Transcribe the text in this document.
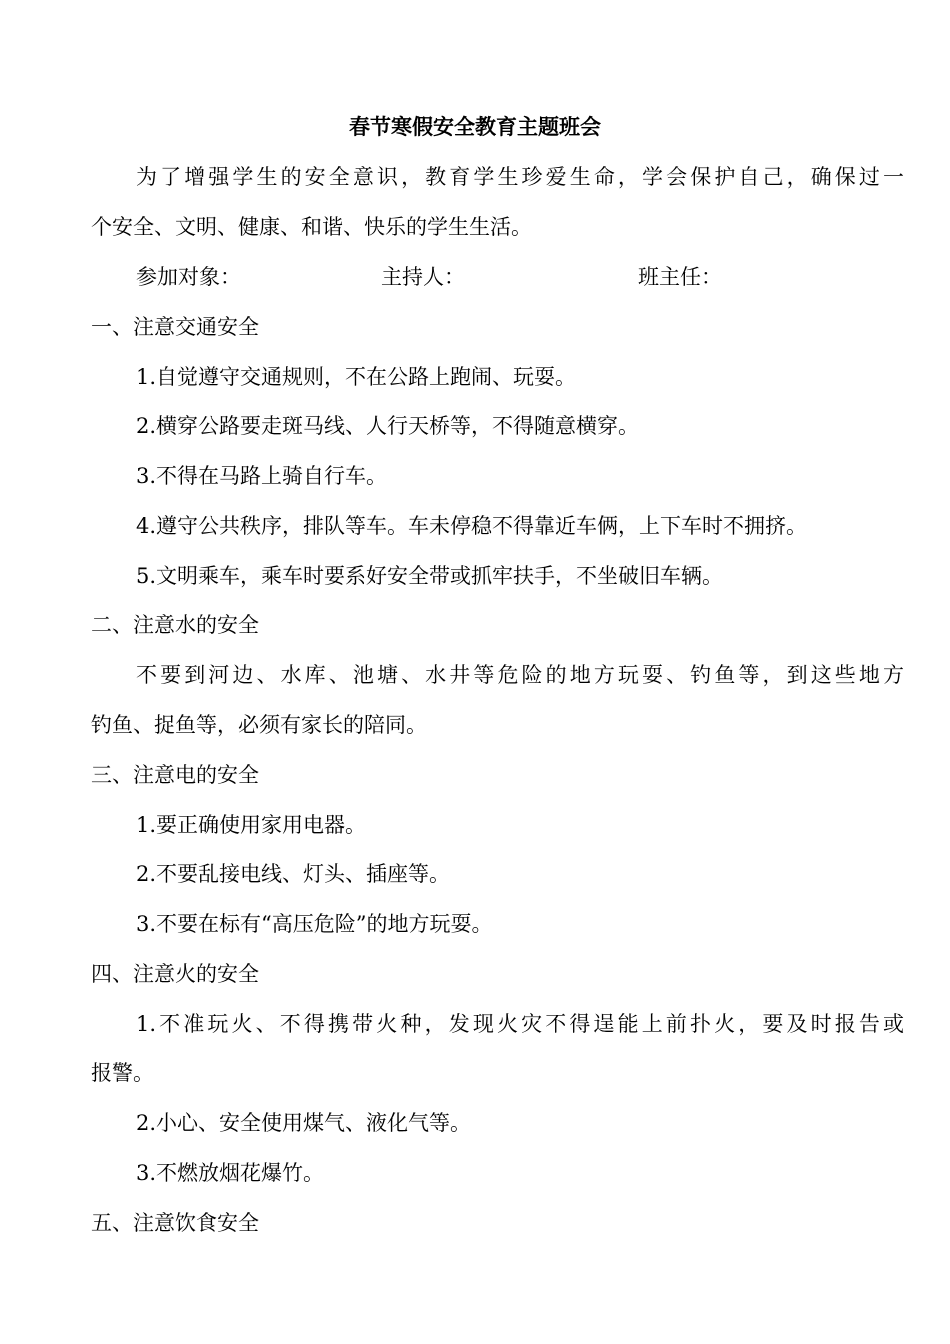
春节寒假安全教育主题班会
为了增强学生的安全意识，教育学生珍爱生命，学会保护自己，确保过一
个安全、文明、健康、和谐、快乐的学生生活。
参加对象：	主持人：	班主任：
一、注意交通安全
1.自觉遵守交通规则，不在公路上跑闹、玩耍。
2.横穿公路要走斑马线、人行天桥等，不得随意横穿。
3.不得在马路上骑自行车。
4.遵守公共秩序，排队等车。车未停稳不得靠近车俩，上下车时不拥挤。
5.文明乘车，乘车时要系好安全带或抓牢扶手，不坐破旧车辆。
二、注意水的安全
不要到河边、水库、池塘、水井等危险的地方玩耍、钓鱼等，到这些地方
钓鱼、捉鱼等，必须有家长的陪同。
三、注意电的安全
1.要正确使用家用电器。
2.不要乱接电线、灯头、插座等。
3.不要在标有“高压危险”的地方玩耍。
四、注意火的安全
1.不准玩火、不得携带火种，发现火灾不得逞能上前扑火，要及时报告或
报警。
2.小心、安全使用煤气、液化气等。
3.不燃放烟花爆竹。
五、注意饮食安全
